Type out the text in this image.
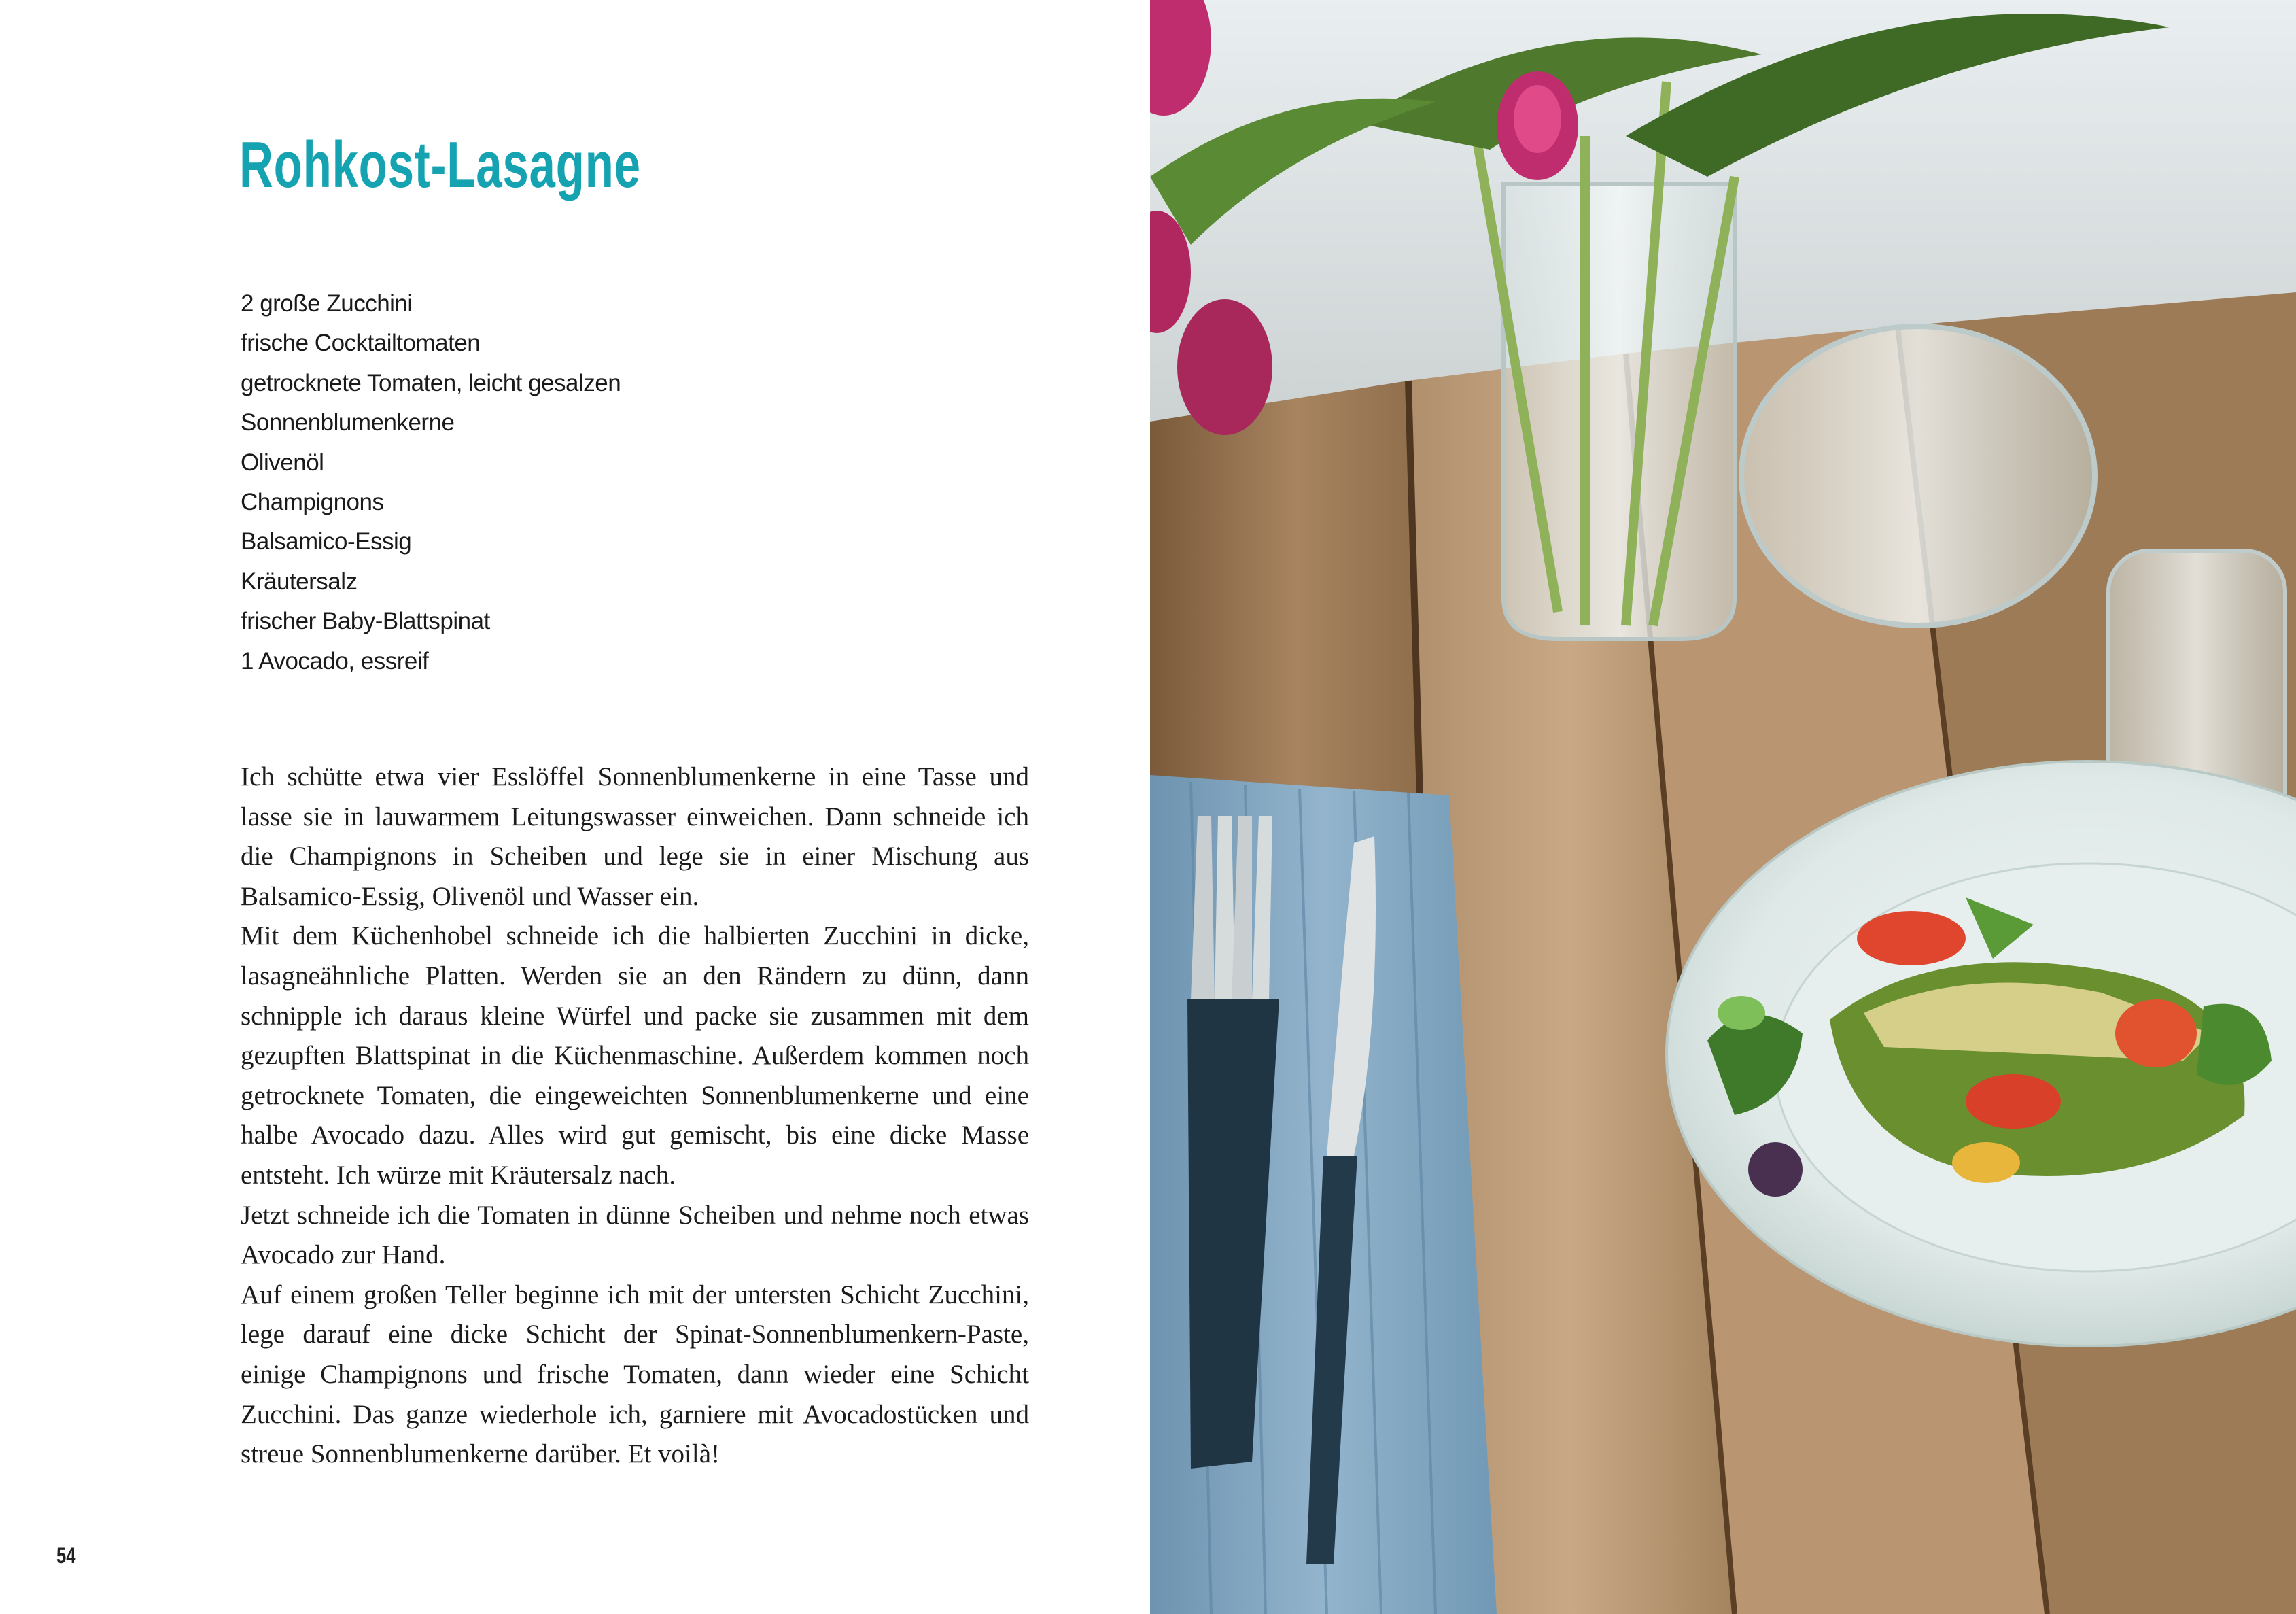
Rohkost-Lasagne
2 große Zucchini
frische Cocktailtomaten
getrocknete Tomaten, leicht gesalzen
Sonnenblumenkerne
Olivenöl
Champignons
Balsamico-Essig
Kräutersalz
frischer Baby-Blattspinat
1 Avocado, essreif

Ich schütte etwa vier Esslöffel Sonnenblumenkerne in eine Tasse und lasse sie in lauwarmem Leitungswasser einweichen. Dann schneide ich die Champignons in Scheiben und lege sie in einer Mischung aus Balsamico-Essig, Olivenöl und Wasser ein.

Mit dem Küchenhobel schneide ich die halbierten Zucchini in dicke, lasagneähnliche Platten. Werden sie an den Rändern zu dünn, dann schnipple ich daraus kleine Würfel und packe sie zusammen mit dem gezupften Blattspinat in die Küchenmaschine. Außerdem kommen noch getrocknete Tomaten, die eingeweichten Sonnenblumenkerne und eine halbe Avocado dazu. Alles wird gut gemischt, bis eine dicke Masse entsteht. Ich würze mit Kräutersalz nach.

Jetzt schneide ich die Tomaten in dünne Scheiben und nehme noch etwas Avocado zur Hand.

Auf einem großen Teller beginne ich mit der untersten Schicht Zucchini, lege darauf eine dicke Schicht der Spinat-Sonnenblumenkern-Paste, einige Champignons und frische Tomaten, dann wieder eine Schicht Zucchini. Das ganze wiederhole ich, garniere mit Avocadostücken und streue Sonnenblumenkerne darüber. Et voilà!

54
